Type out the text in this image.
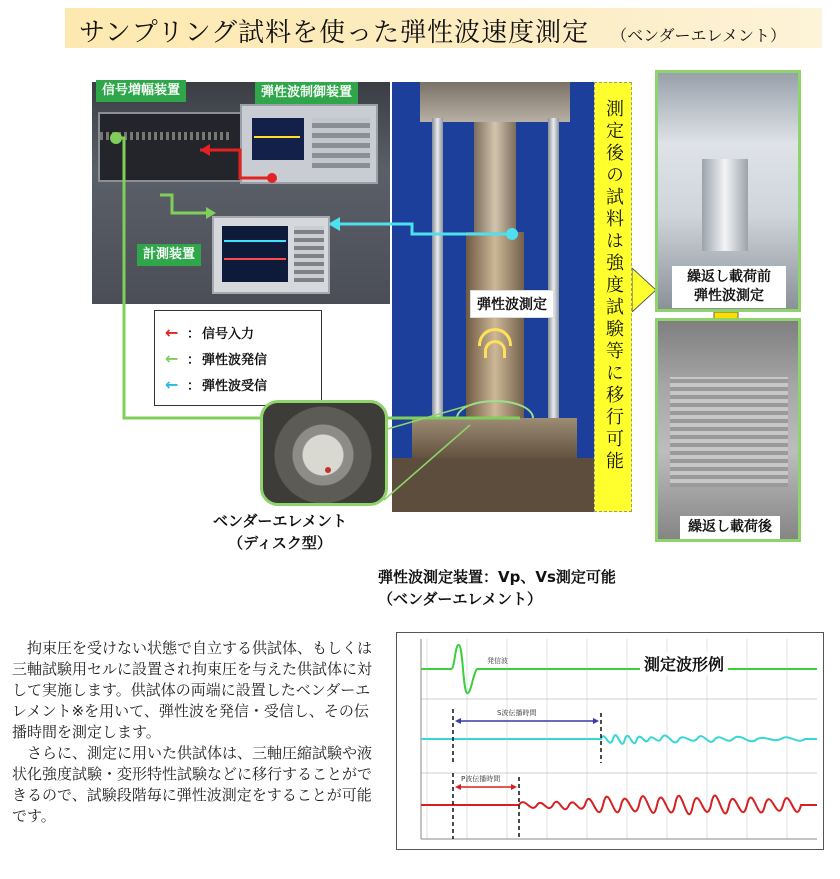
サンプリング試料を使った弾性波速度測定 （ベンダーエレメント）
信号増幅装置	弾性波制御装置
計測装置
弾性波測定
← ： 信号入力
← ： 弾性波発信
← ： 弾性波受信	測定後の試料は強度試験等に移行可能	繰返し載荷前
弾性波測定
繰返し載荷後
ベンダーエレメント
（ディスク型）
弾性波測定装置：Vp、Vs測定可能
（ベンダーエレメント）

拘束圧を受けない状態で自立する供試体、もしくは三軸試験用セルに設置され拘束圧を与えた供試体に対して実施します。供試体の両端に設置したベンダーエレメント※を用いて、弾性波を発信・受信し、その伝播時間を測定します。

さらに、測定に用いた供試体は、三軸圧縮試験や液状化強度試験・変形特性試験などに移行することができるので、試験段階毎に弾性波測定をすることが可能です。

発信波
S波伝播時間
P波伝播時間
測定波形例
